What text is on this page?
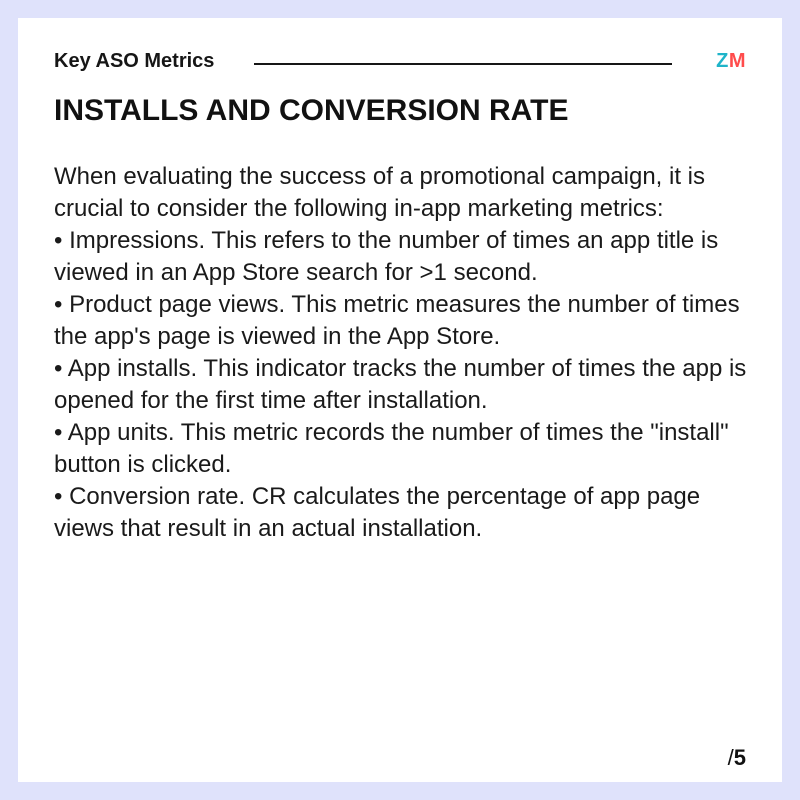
Key ASO Metrics	ZM
INSTALLS AND CONVERSION RATE

When evaluating the success of a promotional campaign, it is crucial to consider the following in-app marketing metrics:

• Impressions. This refers to the number of times an app title is viewed in an App Store search for >1 second.

• Product page views. This metric measures the number of times the app's page is viewed in the App Store.

• App installs. This indicator tracks the number of times the app is opened for the first time after installation.

• App units. This metric records the number of times the "install" button is clicked.

• Conversion rate. CR calculates the percentage of app page views that result in an actual installation.

/5
